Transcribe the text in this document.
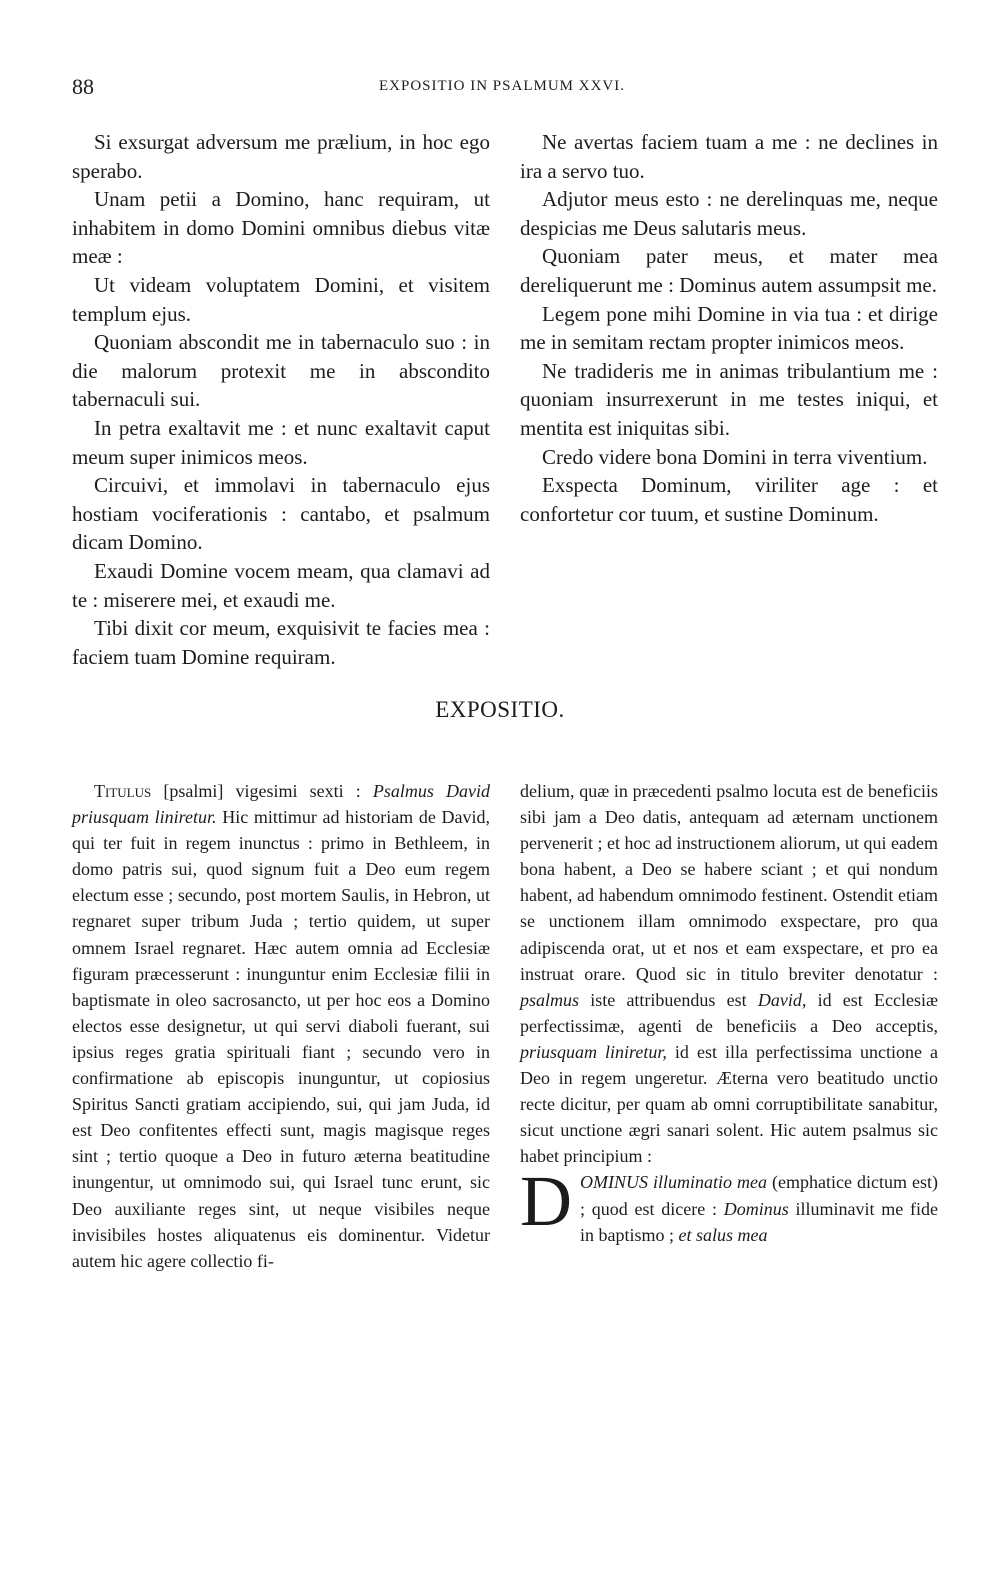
88	EXPOSITIO IN PSALMUM XXVI.

Si exsurgat adversum me prælium, in hoc ego sperabo.

Unam petii a Domino, hanc requiram, ut inhabitem in domo Domini omnibus diebus vitæ meæ :

Ut videam voluptatem Domini, et visitem templum ejus.

Quoniam abscondit me in tabernaculo suo : in die malorum protexit me in abscondito tabernaculi sui.

In petra exaltavit me : et nunc exaltavit caput meum super inimicos meos.

Circuivi, et immolavi in tabernaculo ejus hostiam vociferationis : cantabo, et psalmum dicam Domino.

Exaudi Domine vocem meam, qua clamavi ad te : miserere mei, et exaudi me.

Tibi dixit cor meum, exquisivit te facies mea : faciem tuam Domine requiram.

Ne avertas faciem tuam a me : ne declines in ira a servo tuo.

Adjutor meus esto : ne derelinquas me, neque despicias me Deus salutaris meus.

Quoniam pater meus, et mater mea dereliquerunt me : Dominus autem assumpsit me.

Legem pone mihi Domine in via tua : et dirige me in semitam rectam propter inimicos meos.

Ne tradideris me in animas tribulantium me : quoniam insurrexerunt in me testes iniqui, et mentita est iniquitas sibi.

Credo videre bona Domini in terra viventium.

Exspecta Dominum, viriliter age : et confortetur cor tuum, et sustine Dominum.

EXPOSITIO.

Titulus [psalmi] vigesimi sexti : Psalmus David priusquam liniretur. Hic mittimur ad historiam de David, qui ter fuit in regem inunctus : primo in Bethleem, in domo patris sui, quod signum fuit a Deo eum regem electum esse ; secundo, post mortem Saulis, in Hebron, ut regnaret super tribum Juda ; tertio quidem, ut super omnem Israel regnaret. Hæc autem omnia ad Ecclesiæ figuram præcesserunt : inunguntur enim Ecclesiæ filii in baptismate in oleo sacrosancto, ut per hoc eos a Domino electos esse designetur, ut qui servi diaboli fuerant, sui ipsius reges gratia spirituali fiant ; secundo vero in confirmatione ab episcopis inunguntur, ut copiosius Spiritus Sancti gratiam accipiendo, sui, qui jam Juda, id est Deo confitentes effecti sunt, magis magisque reges sint ; tertio quoque a Deo in futuro æterna beatitudine inungentur, ut omnimodo sui, qui Israel tunc erunt, sic Deo auxiliante reges sint, ut neque visibiles neque invisibiles hostes aliquatenus eis dominentur. Videtur autem hic agere collectio fi-

delium, quæ in præcedenti psalmo locuta est de beneficiis sibi jam a Deo datis, antequam ad æternam unctionem pervenerit ; et hoc ad instructionem aliorum, ut qui eadem bona habent, a Deo se habere sciant ; et qui nondum habent, ad habendum omnimodo festinent. Ostendit etiam se unctionem illam omnimodo exspectare, pro qua adipiscenda orat, ut et nos et eam exspectare, et pro ea instruat orare. Quod sic in titulo breviter denotatur : psalmus iste attribuendus est David, id est Ecclesiæ perfectissimæ, agenti de beneficiis a Deo acceptis, priusquam liniretur, id est illa perfectissima unctione a Deo in regem ungeretur. Æterna vero beatitudo unctio recte dicitur, per quam ab omni corruptibilitate sanabitur, sicut unctione ægri sanari solent. Hic autem psalmus sic habet principium :

DOMINUS illuminatio mea (emphatice dictum est) ; quod est dicere : Dominus illuminavit me fide in baptismo ; et salus mea
